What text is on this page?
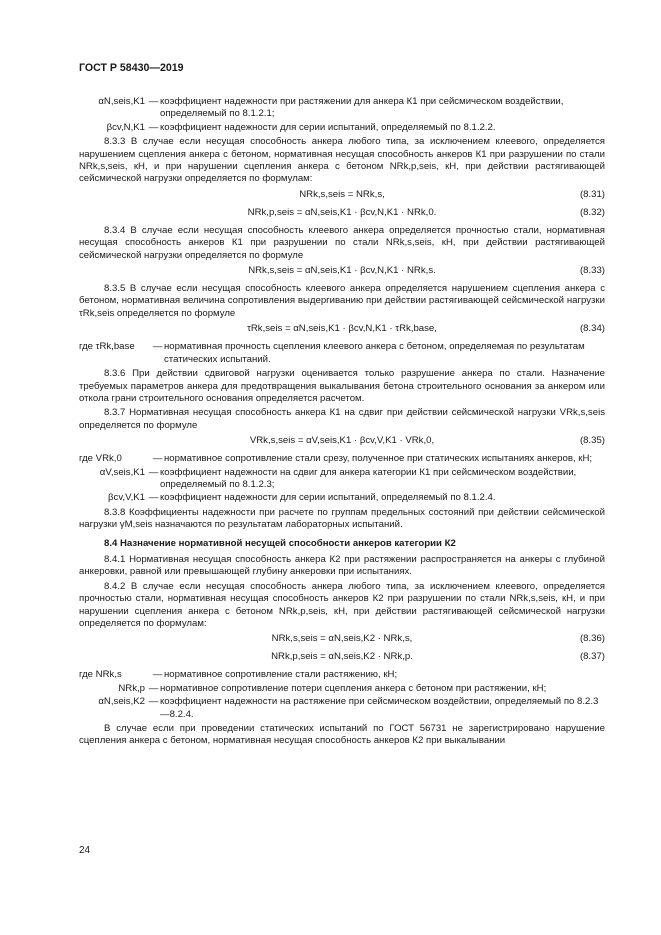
ГОСТ Р 58430—2019
αN,seis,K1 — коэффициент надежности при растяжении для анкера К1 при сейсмическом воздействии, определяемый по 8.1.2.1;
βcv,N,K1 — коэффициент надежности для серии испытаний, определяемый по 8.1.2.2.

8.3.3 В случае если несущая способность анкера любого типа, за исключением клеевого, определяется нарушением сцепления анкера с бетоном, нормативная несущая способность анкеров К1 при разрушении по стали NRk,s,seis, кН, и при нарушении сцепления анкера с бетоном NRk,p,seis, кН, при действии растягивающей сейсмической нагрузки определяется по формулам:

NRk,s,seis = NRk,s,	(8.31)
NRk,p,seis = αN,seis,K1 · βcv,N,K1 · NRk,0.	(8.32)

8.3.4 В случае если несущая способность клеевого анкера определяется прочностью стали, нормативная несущая способность анкеров К1 при разрушении по стали NRk,s,seis, кН, при действии растягивающей сейсмической нагрузки определяется по формуле

NRk,s,seis = αN,seis,K1 · βcv,N,K1 · NRk,s.	(8.33)

8.3.5 В случае если несущая способность клеевого анкера определяется нарушением сцепления анкера с бетоном, нормативная величина сопротивления выдергиванию при действии растягивающей сейсмической нагрузки τRk,seis определяется по формуле

τRk,seis = αN,seis,K1 · βcv,N,K1 · τRk,base,	(8.34)
где τRk,base	— нормативная прочность сцепления клеевого анкера с бетоном, определяемая по результатам статических испытаний.

8.3.6 При действии сдвиговой нагрузки оценивается только разрушение анкера по стали. Назначение требуемых параметров анкера для предотвращения выкалывания бетона строительного основания за анкером или откола грани строительного основания определяется расчетом.

8.3.7 Нормативная несущая способность анкера К1 на сдвиг при действии сейсмической нагрузки VRk,s,seis определяется по формуле

VRk,s,seis = αV,seis,K1 · βcv,V,K1 · VRk,0,	(8.35)
где VRk,0	— нормативное сопротивление стали срезу, полученное при статических испытаниях анкеров, кН;
αV,seis,K1 — коэффициент надежности на сдвиг для анкера категории К1 при сейсмическом воздействии, определяемый по 8.1.2.3;
βcv,V,K1 — коэффициент надежности для серии испытаний, определяемый по 8.1.2.4.

8.3.8 Коэффициенты надежности при расчете по группам предельных состояний при действии сейсмической нагрузки γM,seis назначаются по результатам лабораторных испытаний.

8.4 Назначение нормативной несущей способности анкеров категории К2

8.4.1 Нормативная несущая способность анкера К2 при растяжении распространяется на анкеры с глубиной анкеровки, равной или превышающей глубину анкеровки при испытаниях.

8.4.2 В случае если несущая способность анкера любого типа, за исключением клеевого, определяется прочностью стали, нормативная несущая способность анкеров К2 при разрушении по стали NRk,s,seis, кН, и при нарушении сцепления анкера с бетоном NRk,p,seis, кН, при действии растягивающей сейсмической нагрузки определяется по формулам:

NRk,s,seis = αN,seis,K2 · NRk,s,	(8.36)
NRk,p,seis = αN,seis,K2 · NRk,p.	(8.37)
где NRk,s	— нормативное сопротивление стали растяжению, кН;
NRk,p — нормативное сопротивление потери сцепления анкера с бетоном при растяжении, кН;
αN,seis,K2 — коэффициент надежности на растяжение при сейсмическом воздействии, определяемый по 8.2.3—8.2.4.

В случае если при проведении статических испытаний по ГОСТ 56731 не зарегистрировано нарушение сцепления анкера с бетоном, нормативная несущая способность анкеров К2 при выкалывании

24
